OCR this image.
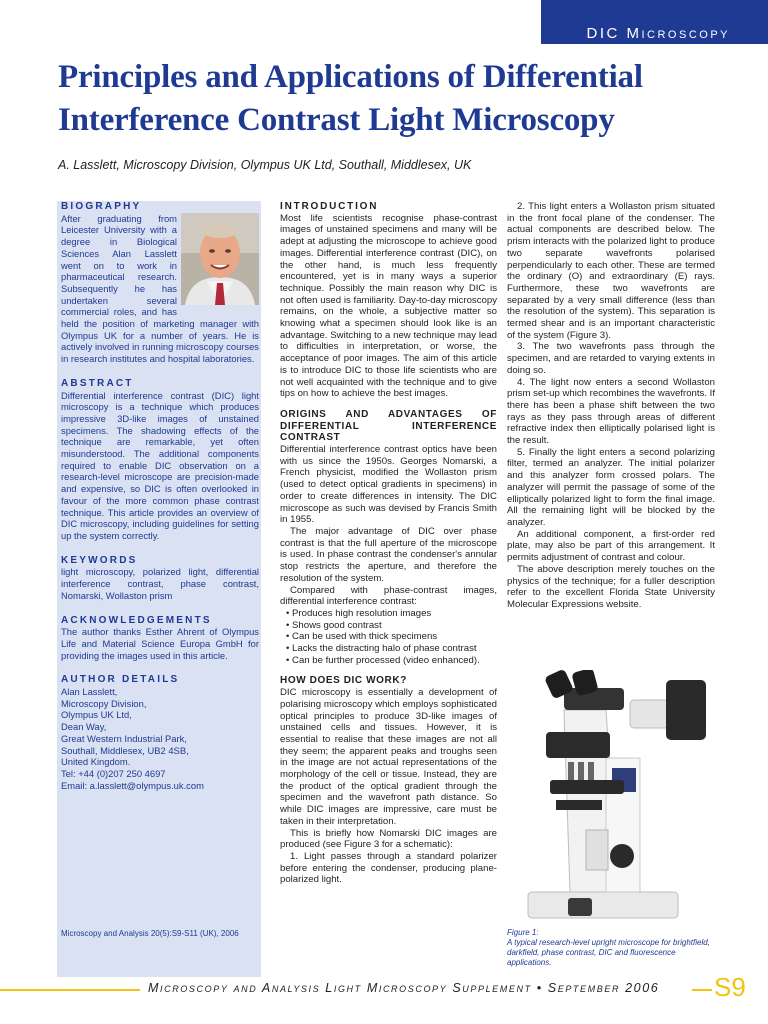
DIC Microscopy
Principles and Applications of Differential Interference Contrast Light Microscopy
A. Lasslett, Microscopy Division, Olympus UK Ltd, Southall, Middlesex, UK
BIOGRAPHY
After graduating from Leicester University with a degree in Biological Sciences Alan Lasslett went on to work in pharmaceutical research. Subsequently he has undertaken several commercial roles, and has held the position of marketing manager with Olympus UK for a number of years. He is actively involved in running microscopy courses in research institutes and hospital laboratories.
ABSTRACT
Differential interference contrast (DIC) light microscopy is a technique which produces impressive 3D-like images of unstained specimens. The shadowing effects of the technique are remarkable, yet often misunderstood. The additional components required to enable DIC observation on a research-level microscope are precision-made and expensive, so DIC is often overlooked in favour of the more common phase contrast technique. This article provides an overview of DIC microscopy, including guidelines for setting up the system correctly.
KEYWORDS
light microscopy, polarized light, differential interference contrast, phase contrast, Nomarski, Wollaston prism
ACKNOWLEDGEMENTS
The author thanks Esther Ahrent of Olympus Life and Material Science Europa GmbH for providing the images used in this article.
AUTHOR DETAILS
Alan Lasslett,
Microscopy Division,
Olympus UK Ltd,
Dean Way,
Great Western Industrial Park,
Southall, Middlesex, UB2 4SB,
United Kingdom.
Tel: +44 (0)207 250 4697
Email: a.lasslett@olympus.uk.com
Microscopy and Analysis 20(5):S9-S11 (UK), 2006
INTRODUCTION
Most life scientists recognise phase-contrast images of unstained specimens and many will be adept at adjusting the microscope to achieve good images. Differential interference contrast (DIC), on the other hand, is much less frequently encountered, yet is in many ways a superior technique. Possibly the main reason why DIC is not often used is familiarity. Day-to-day microscopy remains, on the whole, a subjective matter so knowing what a specimen should look like is an advantage. Switching to a new technique may lead to difficulties in interpretation, or worse, the acceptance of poor images. The aim of this article is to introduce DIC to those life scientists who are not well acquainted with the technique and to give tips on how to achieve the best images.
ORIGINS AND ADVANTAGES OF DIFFERENTIAL INTERFERENCE CONTRAST
Differential interference contrast optics have been with us since the 1950s. Georges Nomarski, a French physicist, modified the Wollaston prism (used to detect optical gradients in specimens) in order to create differences in intensity. The DIC microscope as such was devised by Francis Smith in 1955.
The major advantage of DIC over phase contrast is that the full aperture of the microscope is used. In phase contrast the condenser's annular stop restricts the aperture, and therefore the resolution of the system.
Compared with phase-contrast images, differential interference contrast:
• Produces high resolution images
• Shows good contrast
• Can be used with thick specimens
• Lacks the distracting halo of phase contrast
• Can be further processed (video enhanced).
HOW DOES DIC WORK?
DIC microscopy is essentially a development of polarising microscopy which employs sophisticated optical principles to produce 3D-like images of unstained cells and tissues. However, it is essential to realise that these images are not all they seem; the apparent peaks and troughs seen in the image are not actual representations of the morphology of the cell or tissue. Instead, they are the product of the optical gradient through the specimen and the wavefront path distance. So while DIC images are impressive, care must be taken in their interpretation.
This is briefly how Nomarski DIC images are produced (see Figure 3 for a schematic):
1. Light passes through a standard polarizer before entering the condenser, producing plane-polarized light.
2. This light enters a Wollaston prism situated in the front focal plane of the condenser. The actual components are described below. The prism interacts with the polarized light to produce two separate wavefronts polarised perpendicularly to each other. These are termed the ordinary (O) and extraordinary (E) rays. Furthermore, these two wavefronts are separated by a very small difference (less than the resolution of the system). This separation is termed shear and is an important characteristic of the system (Figure 3).
3. The two wavefronts pass through the specimen, and are retarded to varying extents in doing so.
4. The light now enters a second Wollaston prism set-up which recombines the wavefronts. If there has been a phase shift between the two rays as they pass through areas of different refractive index then elliptically polarised light is the result.
5. Finally the light enters a second polarizing filter, termed an analyzer. The initial polarizer and this analyzer form crossed polars. The analyzer will permit the passage of some of the elliptically polarized light to form the final image. All the remaining light will be blocked by the analyzer.
An additional component, a first-order red plate, may also be part of this arrangement. It permits adjustment of contrast and colour.
The above description merely touches on the physics of the technique; for a fuller description refer to the excellent Florida State University Molecular Expressions website.
Figure 1:
A typical research-level upright microscope for brightfield, darkfield, phase contrast, DIC and fluorescence applications.
Microscopy and Analysis Light Microscopy Supplement • September 2006 S9
